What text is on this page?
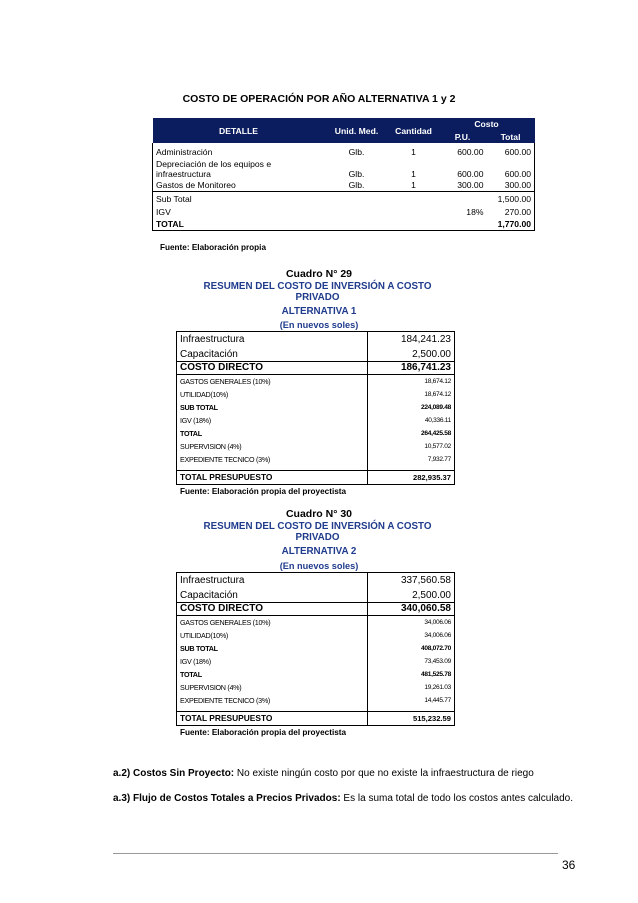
COSTO DE OPERACIÓN POR AÑO ALTERNATIVA 1 y 2
DETALLE	Unid. Med.	Cantidad	Costo	
			P.U.	Total
Administración	Glb.	1	600.00	600.00

Depreciación de los equipos e
infraestructura	Glb.	1	600.00	600.00
Gastos de Monitoreo	Glb.	1	300.00	300.00
Sub Total				1,500.00
IGV			18%	270.00
TOTAL				1,770.00
Fuente: Elaboración propia
Cuadro N° 29
RESUMEN DEL COSTO DE INVERSIÓN A COSTO
PRIVADO
ALTERNATIVA 1
(En nuevos soles)
Infraestructura	184,241.23
Capacitación	2,500.00
COSTO DIRECTO	186,741.23
GASTOS GENERALES (10%)	18,674.12
UTILIDAD(10%)	18,674.12
SUB TOTAL	224,089.48
IGV (18%)	40,336.11
TOTAL	264,425.58
SUPERVISION (4%)	10,577.02
EXPEDIENTE TECNICO (3%)	7,932.77

TOTAL PRESUPUESTO	282,935.37
Fuente: Elaboración propia del proyectista
Cuadro N° 30
RESUMEN DEL COSTO DE INVERSIÓN A COSTO
PRIVADO
ALTERNATIVA 2
(En nuevos soles)
Infraestructura	337,560.58
Capacitación	2,500.00
COSTO DIRECTO	340,060.58
GASTOS GENERALES (10%)	34,006.06
UTILIDAD(10%)	34,006.06
SUB TOTAL	408,072.70
IGV (18%)	73,453.09
TOTAL	481,525.78
SUPERVISION (4%)	19,261.03
EXPEDIENTE TECNICO (3%)	14,445.77

TOTAL PRESUPUESTO	515,232.59
Fuente: Elaboración propia del proyectista
a.2) Costos Sin Proyecto: No existe ningún costo por que no existe la infraestructura de riego
a.3) Flujo de Costos Totales a Precios Privados: Es la suma total de todo los costos antes calculado.
36
